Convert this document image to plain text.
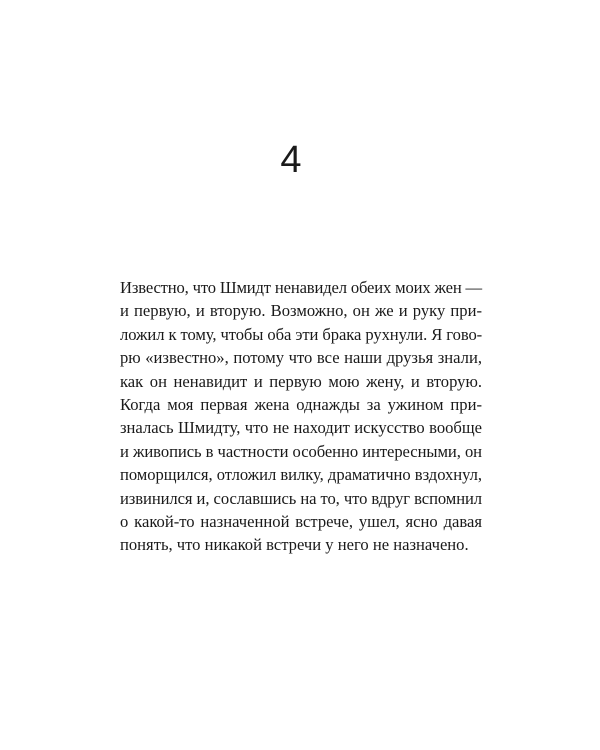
4
Известно, что Шмидт ненавидел обеих моих жен —
и первую, и вторую. Возможно, он же и руку при-
ложил к тому, чтобы оба эти брака рухнули. Я гово-
рю «известно», потому что все наши друзья знали,
как он ненавидит и первую мою жену, и вторую.
Когда моя первая жена однажды за ужином при-
зналась Шмидту, что не находит искусство вообще
и живопись в частности особенно интересными, он
поморщился, отложил вилку, драматично вздохнул,
извинился и, сославшись на то, что вдруг вспомнил
о какой-то назначенной встрече, ушел, ясно давая
понять, что никакой встречи у него не назначено.
